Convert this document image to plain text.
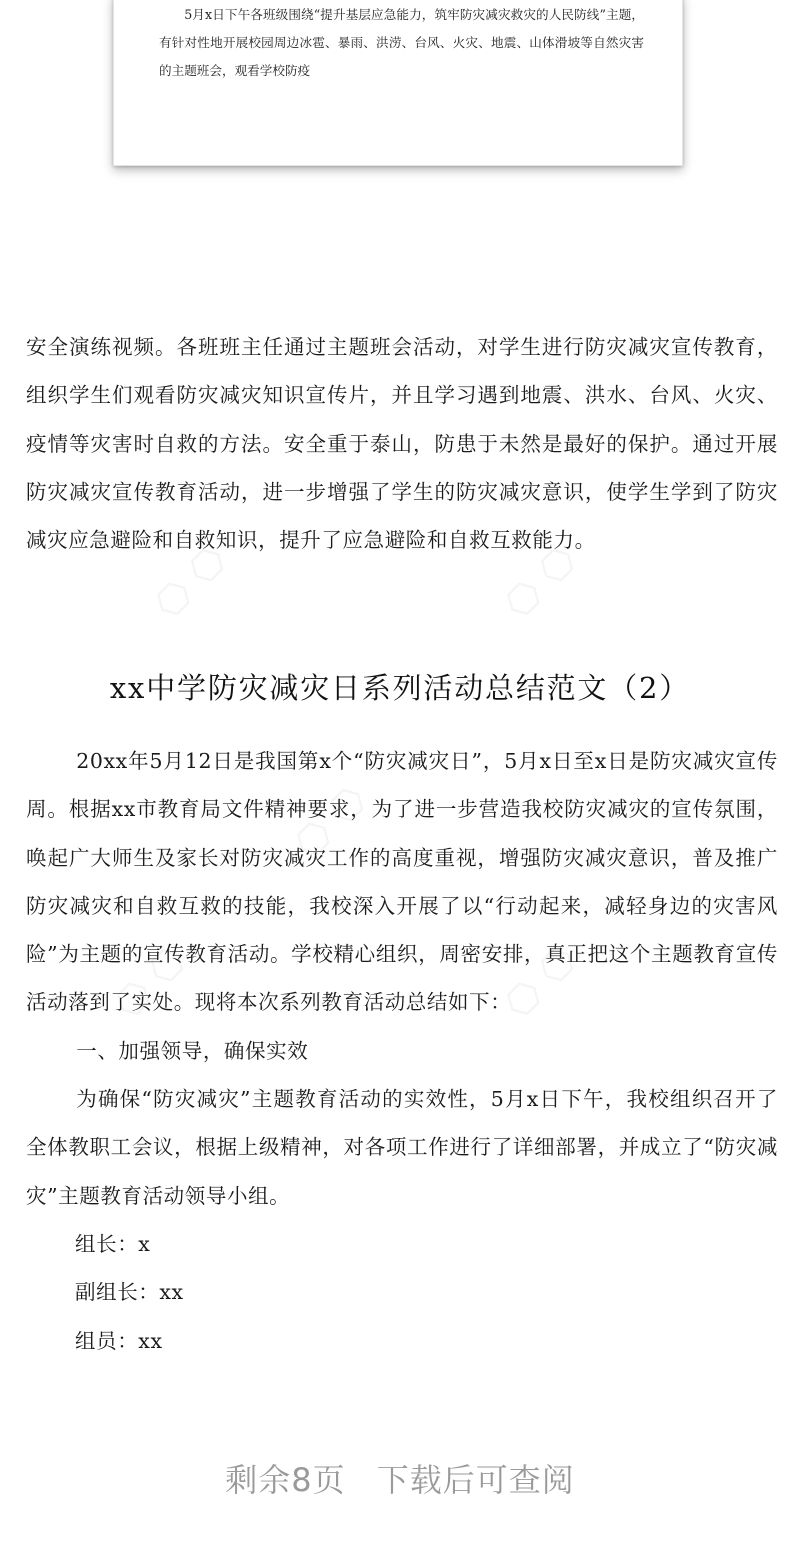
5月x日下午各班级围绕“提升基层应急能力，筑牢防灾减灾救灾的人民防线”主题，有针对性地开展校园周边冰雹、暴雨、洪涝、台风、火灾、地震、山体滑坡等自然灾害的主题班会，观看学校防疫

安全演练视频。各班班主任通过主题班会活动，对学生进行防灾减灾宣传教育，组织学生们观看防灾减灾知识宣传片，并且学习遇到地震、洪水、台风、火灾、疫情等灾害时自救的方法。安全重于泰山，防患于未然是最好的保护。通过开展防灾减灾宣传教育活动，进一步增强了学生的防灾减灾意识，使学生学到了防灾减灾应急避险和自救知识，提升了应急避险和自救互救能力。

xx中学防灾减灾日系列活动总结范文（2）

20xx年5月12日是我国第x个“防灾减灾日”，5月x日至x日是防灾减灾宣传周。根据xx市教育局文件精神要求，为了进一步营造我校防灾减灾的宣传氛围，唤起广大师生及家长对防灾减灾工作的高度重视，增强防灾减灾意识，普及推广防灾减灾和自救互救的技能，我校深入开展了以“行动起来，减轻身边的灾害风险”为主题的宣传教育活动。学校精心组织，周密安排，真正把这个主题教育宣传活动落到了实处。现将本次系列教育活动总结如下：

一、加强领导，确保实效

为确保“防灾减灾”主题教育活动的实效性，5月x日下午，我校组织召开了全体教职工会议，根据上级精神，对各项工作进行了详细部署，并成立了“防灾减灾”主题教育活动领导小组。

组长：x

副组长：xx

组员：xx

剩余8页 下载后可查阅
